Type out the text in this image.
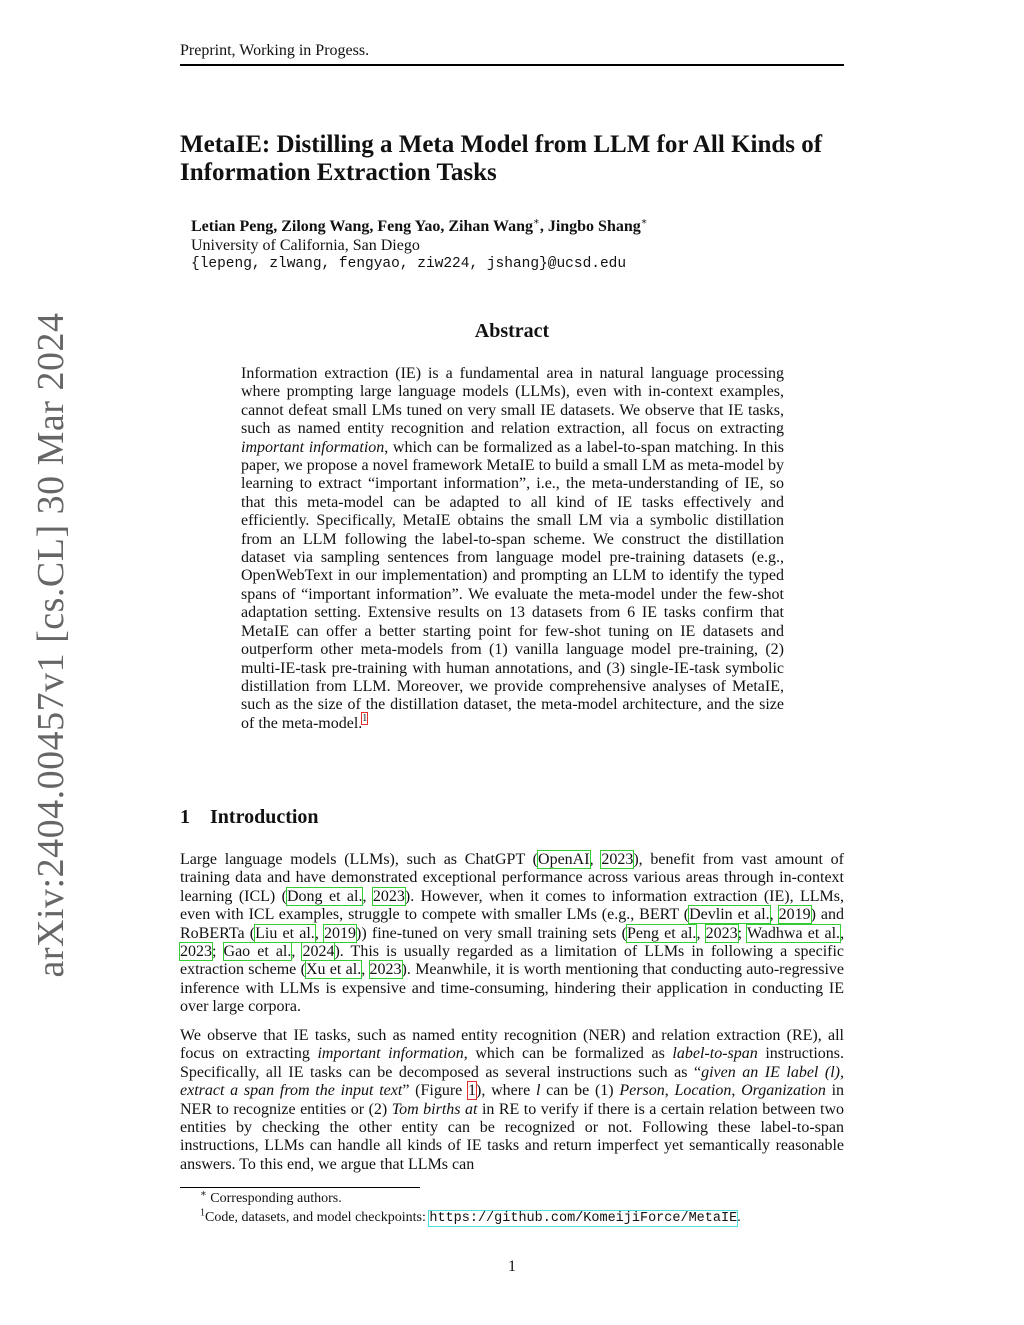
Preprint, Working in Progess.
arXiv:2404.00457v1 [cs.CL] 30 Mar 2024
MetaIE: Distilling a Meta Model from LLM for All Kinds of Information Extraction Tasks
Letian Peng, Zilong Wang, Feng Yao, Zihan Wang∗, Jingbo Shang∗
University of California, San Diego
{lepeng, zlwang, fengyao, ziw224, jshang}@ucsd.edu
Abstract
Information extraction (IE) is a fundamental area in natural language processing where prompting large language models (LLMs), even with in-context examples, cannot defeat small LMs tuned on very small IE datasets. We observe that IE tasks, such as named entity recognition and relation extraction, all focus on extracting important information, which can be formalized as a label-to-span matching. In this paper, we propose a novel framework MetaIE to build a small LM as meta-model by learning to extract “important information”, i.e., the meta-understanding of IE, so that this meta-model can be adapted to all kind of IE tasks effectively and efficiently. Specifically, MetaIE obtains the small LM via a symbolic distillation from an LLM following the label-to-span scheme. We construct the distillation dataset via sampling sentences from language model pre-training datasets (e.g., OpenWebText in our implementation) and prompting an LLM to identify the typed spans of “important information”. We evaluate the meta-model under the few-shot adaptation setting. Extensive results on 13 datasets from 6 IE tasks confirm that MetaIE can offer a better starting point for few-shot tuning on IE datasets and outperform other meta-models from (1) vanilla language model pre-training, (2) multi-IE-task pre-training with human annotations, and (3) single-IE-task symbolic distillation from LLM. Moreover, we provide comprehensive analyses of MetaIE, such as the size of the distillation dataset, the meta-model architecture, and the size of the meta-model.$^1$
1 Introduction
Large language models (LLMs), such as ChatGPT (OpenAI, 2023), benefit from vast amount of training data and have demonstrated exceptional performance across various areas through in-context learning (ICL) (Dong et al., 2023). However, when it comes to information extraction (IE), LLMs, even with ICL examples, struggle to compete with smaller LMs (e.g., BERT (Devlin et al., 2019) and RoBERTa (Liu et al., 2019)) fine-tuned on very small training sets (Peng et al., 2023; Wadhwa et al., 2023; Gao et al., 2024). This is usually regarded as a limitation of LLMs in following a specific extraction scheme (Xu et al., 2023). Meanwhile, it is worth mentioning that conducting auto-regressive inference with LLMs is expensive and time-consuming, hindering their application in conducting IE over large corpora.
We observe that IE tasks, such as named entity recognition (NER) and relation extraction (RE), all focus on extracting important information, which can be formalized as label-to-span instructions. Specifically, all IE tasks can be decomposed as several instructions such as “given an IE label (l), extract a span from the input text” (Figure 1), where l can be (1) Person, Location, Organization in NER to recognize entities or (2) Tom births at in RE to verify if there is a certain relation between two entities by checking the other entity can be recognized or not. Following these label-to-span instructions, LLMs can handle all kinds of IE tasks and return imperfect yet semantically reasonable answers. To this end, we argue that LLMs can
∗ Corresponding authors.
$^1$Code, datasets, and model checkpoints: https://github.com/KomeijiForce/MetaIE.
1
